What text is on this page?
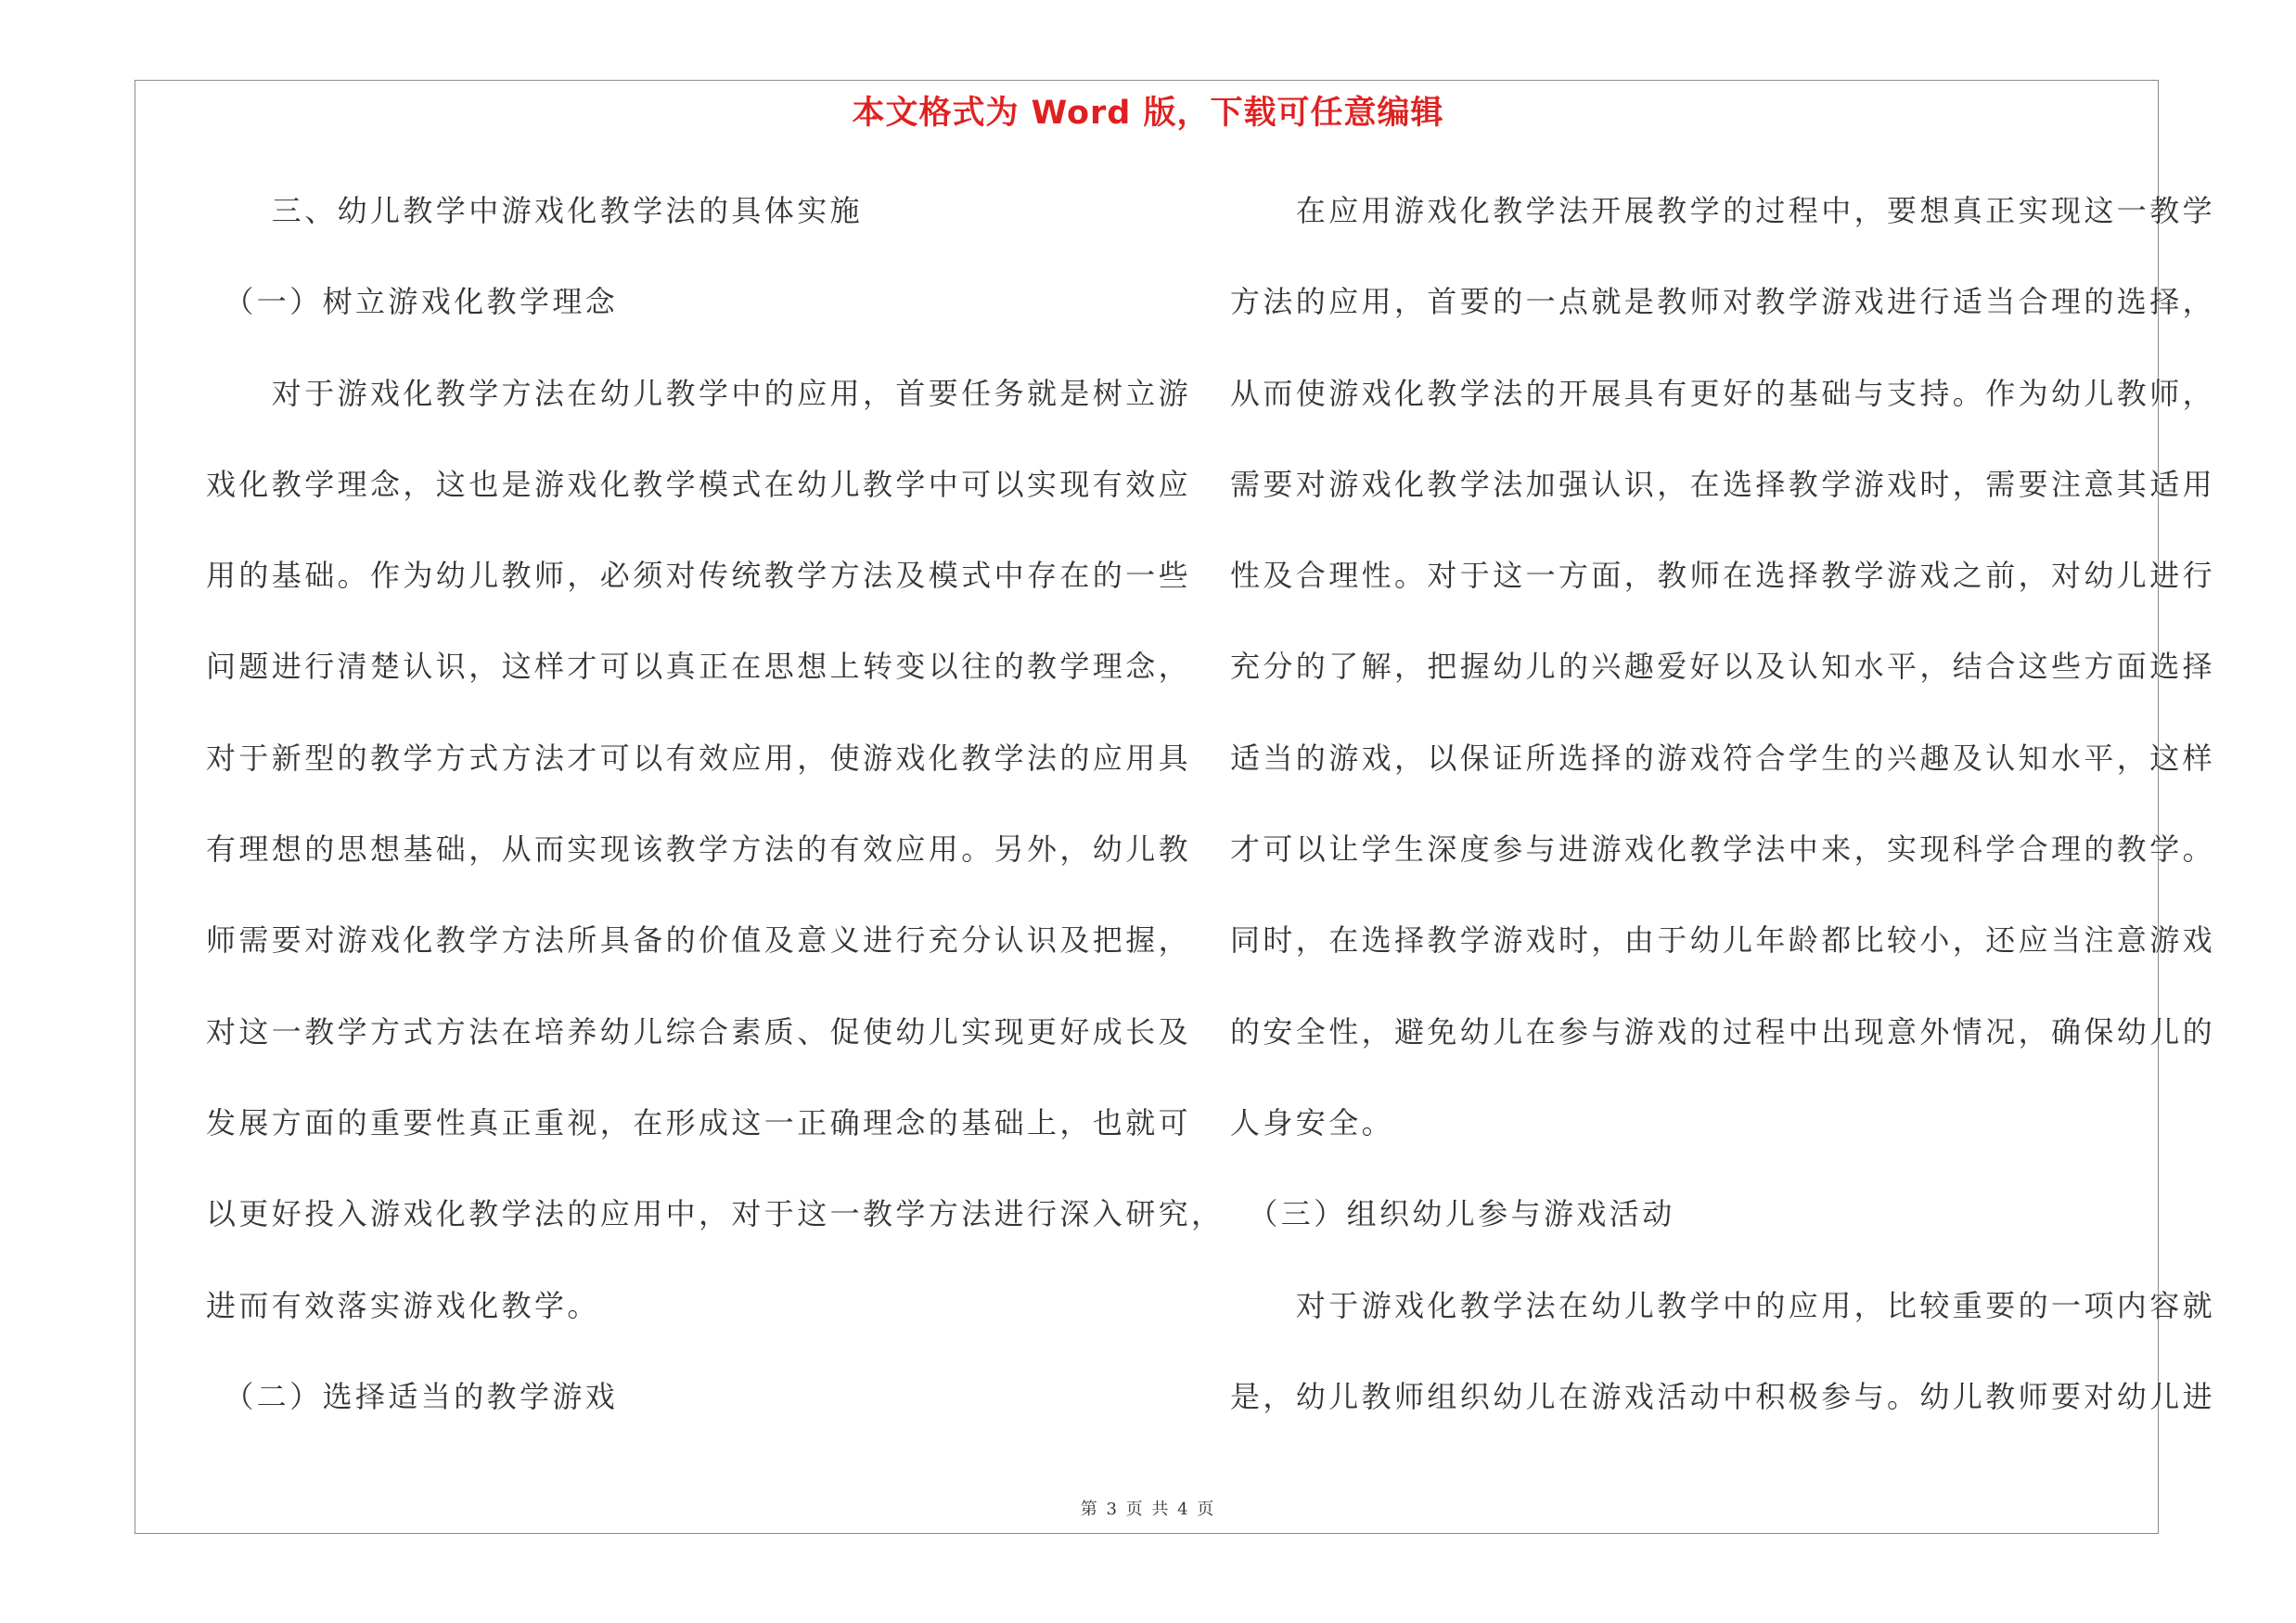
本文格式为 Word 版，下载可任意编辑
　　三、幼儿教学中游戏化教学法的具体实施
　（一）树立游戏化教学理念
　　对于游戏化教学方法在幼儿教学中的应用，首要任务就是树立游
戏化教学理念，这也是游戏化教学模式在幼儿教学中可以实现有效应
用的基础。作为幼儿教师，必须对传统教学方法及模式中存在的一些
问题进行清楚认识，这样才可以真正在思想上转变以往的教学理念，
对于新型的教学方式方法才可以有效应用，使游戏化教学法的应用具
有理想的思想基础，从而实现该教学方法的有效应用。另外，幼儿教
师需要对游戏化教学方法所具备的价值及意义进行充分认识及把握，
对这一教学方式方法在培养幼儿综合素质、促使幼儿实现更好成长及
发展方面的重要性真正重视，在形成这一正确理念的基础上，也就可
以更好投入游戏化教学法的应用中，对于这一教学方法进行深入研究，
进而有效落实游戏化教学。
　（二）选择适当的教学游戏
　　在应用游戏化教学法开展教学的过程中，要想真正实现这一教学
方法的应用，首要的一点就是教师对教学游戏进行适当合理的选择，
从而使游戏化教学法的开展具有更好的基础与支持。作为幼儿教师，
需要对游戏化教学法加强认识，在选择教学游戏时，需要注意其适用
性及合理性。对于这一方面，教师在选择教学游戏之前，对幼儿进行
充分的了解，把握幼儿的兴趣爱好以及认知水平，结合这些方面选择
适当的游戏，以保证所选择的游戏符合学生的兴趣及认知水平，这样
才可以让学生深度参与进游戏化教学法中来，实现科学合理的教学。
同时，在选择教学游戏时，由于幼儿年龄都比较小，还应当注意游戏
的安全性，避免幼儿在参与游戏的过程中出现意外情况，确保幼儿的
人身安全。
　（三）组织幼儿参与游戏活动
　　对于游戏化教学法在幼儿教学中的应用，比较重要的一项内容就
是，幼儿教师组织幼儿在游戏活动中积极参与。幼儿教师要对幼儿进
第 3 页 共 4 页
